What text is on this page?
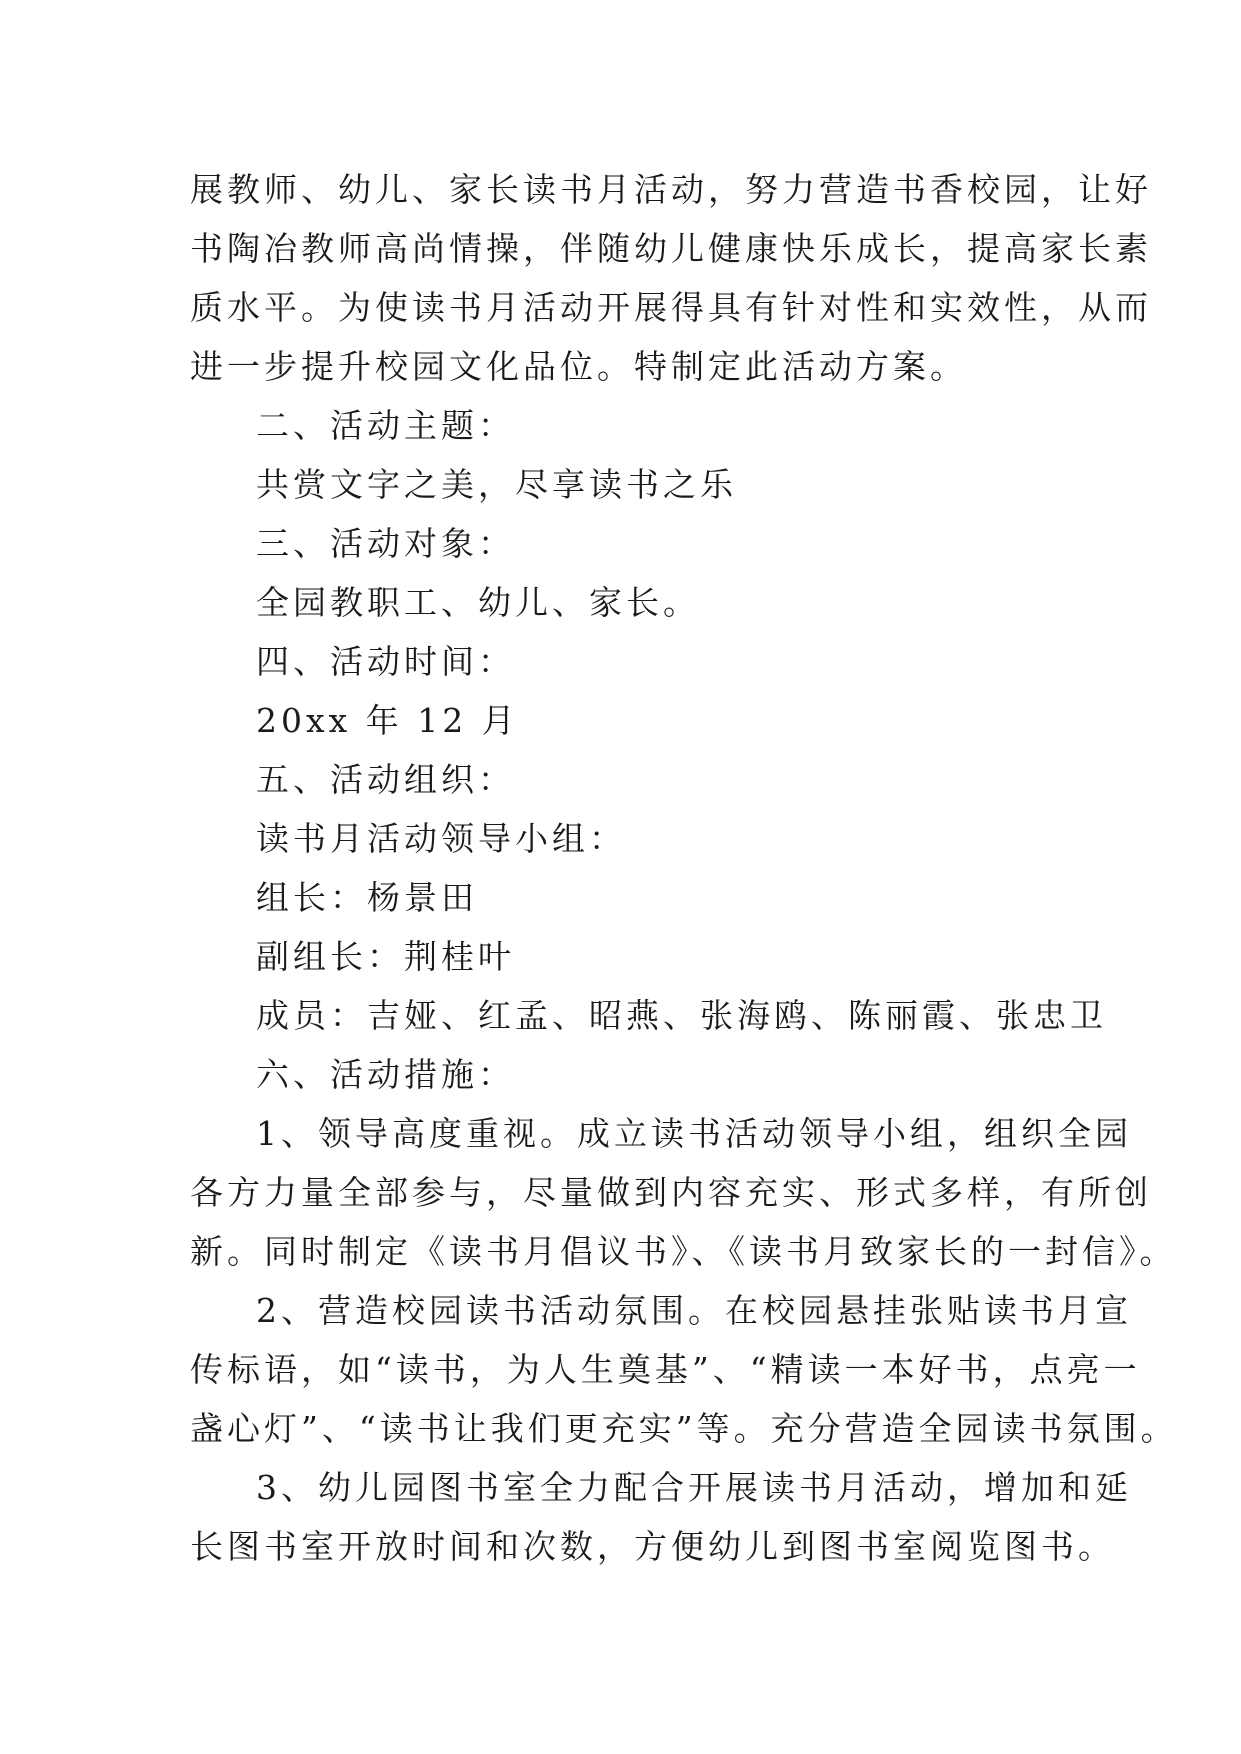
展教师、幼儿、家长读书月活动，努力营造书香校园，让好
书陶冶教师高尚情操，伴随幼儿健康快乐成长，提高家长素
质水平。为使读书月活动开展得具有针对性和实效性，从而
进一步提升校园文化品位。特制定此活动方案。
二、活动主题：
共赏文字之美，尽享读书之乐
三、活动对象：
全园教职工、幼儿、家长。
四、活动时间：
20xx 年 12 月
五、活动组织：
读书月活动领导小组：
组长：杨景田
副组长：荆桂叶
成员：吉娅、红孟、昭燕、张海鸥、陈丽霞、张忠卫
六、活动措施：
1、领导高度重视。成立读书活动领导小组，组织全园
各方力量全部参与，尽量做到内容充实、形式多样，有所创
新。同时制定《读书月倡议书》、《读书月致家长的一封信》。
2、营造校园读书活动氛围。在校园悬挂张贴读书月宣
传标语，如“读书，为人生奠基”、“精读一本好书，点亮一
盏心灯”、“读书让我们更充实”等。充分营造全园读书氛围。
3、幼儿园图书室全力配合开展读书月活动，增加和延
长图书室开放时间和次数，方便幼儿到图书室阅览图书。
